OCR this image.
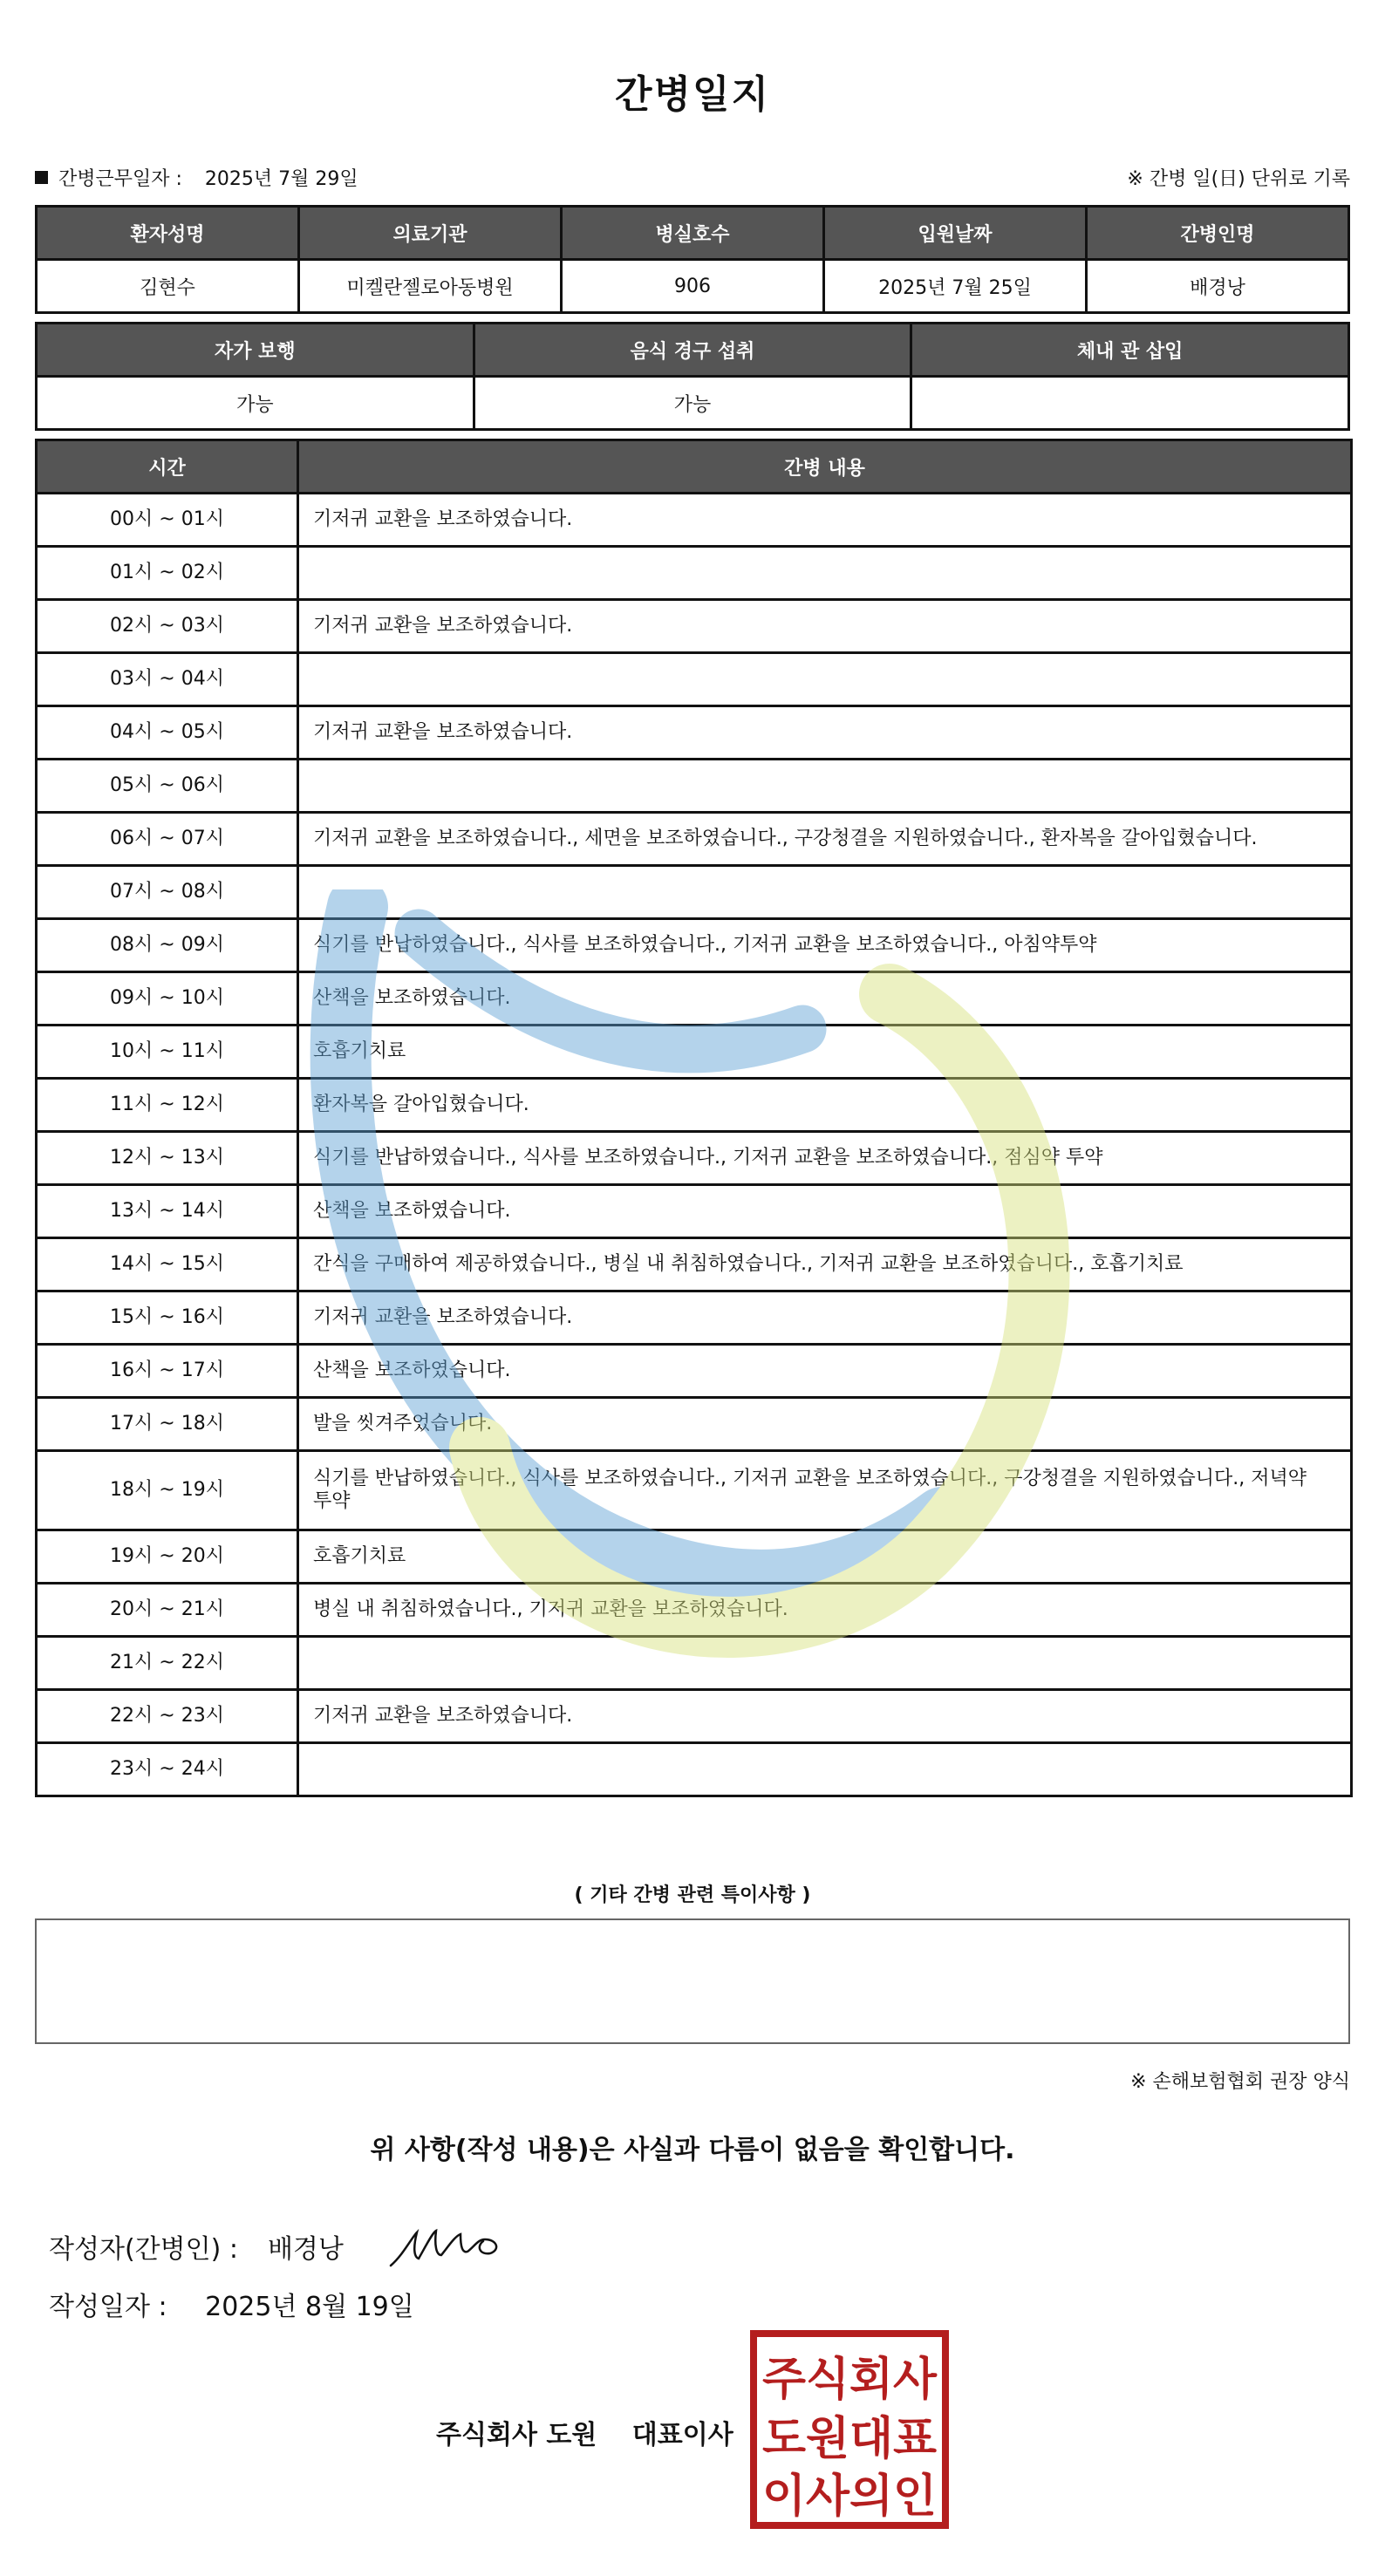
간병일지
간병근무일자 : 2025년 7월 29일	※ 간병 일(日) 단위로 기록
환자성명	의료기관	병실호수	입원날짜	간병인명
김현수	미켈란젤로아동병원	906	2025년 7월 25일	배경낭
자가 보행	음식 경구 섭취	체내 관 삽입
가능	가능	
시간	간병 내용
00시 ~ 01시	기저귀 교환을 보조하였습니다.
01시 ~ 02시	
02시 ~ 03시	기저귀 교환을 보조하였습니다.
03시 ~ 04시	
04시 ~ 05시	기저귀 교환을 보조하였습니다.
05시 ~ 06시	
06시 ~ 07시	기저귀 교환을 보조하였습니다., 세면을 보조하였습니다., 구강청결을 지원하였습니다., 환자복을 갈아입혔습니다.
07시 ~ 08시	
08시 ~ 09시	식기를 반납하였습니다., 식사를 보조하였습니다., 기저귀 교환을 보조하였습니다., 아침약투약
09시 ~ 10시	산책을 보조하였습니다.
10시 ~ 11시	호흡기치료
11시 ~ 12시	환자복을 갈아입혔습니다.
12시 ~ 13시	식기를 반납하였습니다., 식사를 보조하였습니다., 기저귀 교환을 보조하였습니다., 점심약 투약
13시 ~ 14시	산책을 보조하였습니다.
14시 ~ 15시	간식을 구매하여 제공하였습니다., 병실 내 취침하였습니다., 기저귀 교환을 보조하였습니다., 호흡기치료
15시 ~ 16시	기저귀 교환을 보조하였습니다.
16시 ~ 17시	산책을 보조하였습니다.
17시 ~ 18시	발을 씻겨주었습니다.
18시 ~ 19시	식기를 반납하였습니다., 식사를 보조하였습니다., 기저귀 교환을 보조하였습니다., 구강청결을 지원하였습니다., 저녁약 투약
19시 ~ 20시	호흡기치료
20시 ~ 21시	병실 내 취침하였습니다., 기저귀 교환을 보조하였습니다.
21시 ~ 22시	
22시 ~ 23시	기저귀 교환을 보조하였습니다.
23시 ~ 24시	
( 기타 간병 관련 특이사항 )
※ 손해보험협회 권장 양식
위 사항(작성 내용)은 사실과 다름이 없음을 확인합니다.
작성자(간병인) : 배경낭
작성일자 : 2025년 8월 19일
주식회사 도원 대표이사
주식회사
도원대표
이사의인
